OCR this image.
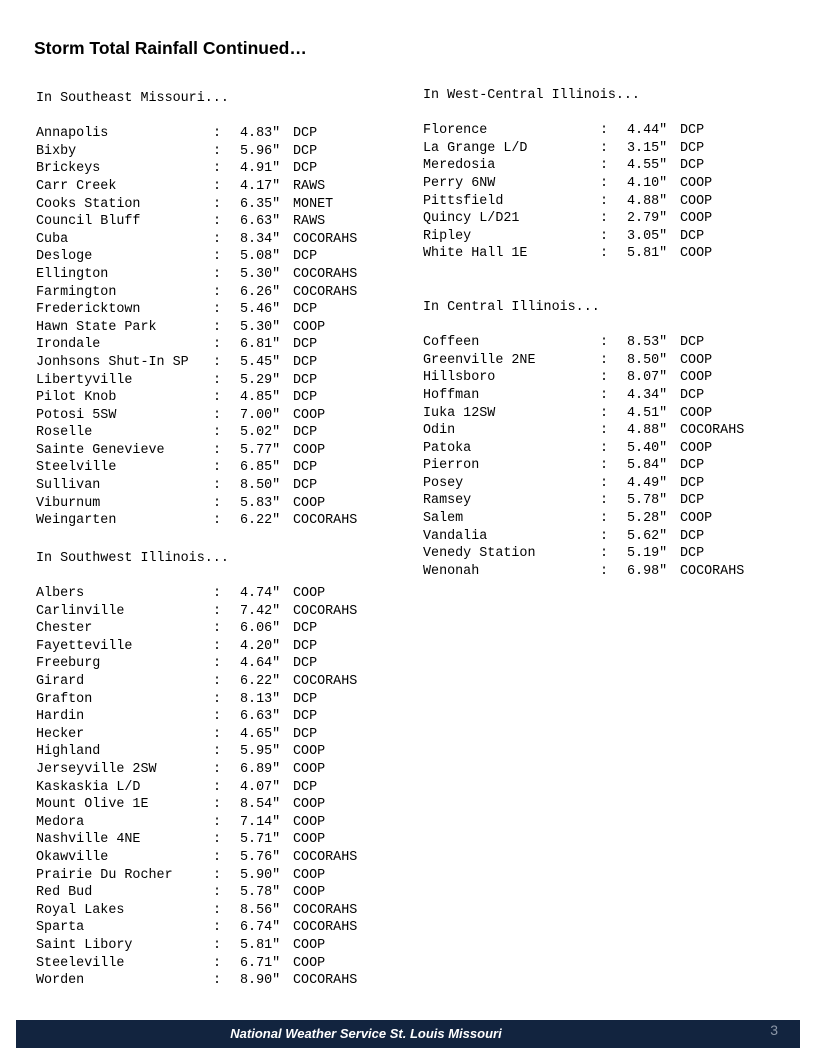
Storm Total Rainfall Continued…
In Southeast Missouri...
Annapolis	:	4.83" DCP
Bixby	:	5.96" DCP
Brickeys	:	4.91" DCP
Carr Creek	:	4.17" RAWS
Cooks Station	:	6.35" MONET
Council Bluff	:	6.63" RAWS
Cuba	:	8.34" COCORAHS
Desloge	:	5.08" DCP
Ellington	:	5.30" COCORAHS
Farmington	:	6.26" COCORAHS
Fredericktown	:	5.46" DCP
Hawn State Park	:	5.30" COOP
Irondale	:	6.81" DCP
Jonhsons Shut-In SP	:	5.45" DCP
Libertyville	:	5.29" DCP
Pilot Knob	:	4.85" DCP
Potosi 5SW	:	7.00" COOP
Roselle	:	5.02" DCP
Sainte Genevieve	:	5.77" COOP
Steelville	:	6.85" DCP
Sullivan	:	8.50" DCP
Viburnum	:	5.83" COOP
Weingarten	:	6.22" COCORAHS
In Southwest Illinois...
Albers	:	4.74" COOP
Carlinville	:	7.42" COCORAHS
Chester	:	6.06" DCP
Fayetteville	:	4.20" DCP
Freeburg	:	4.64" DCP
Girard	:	6.22" COCORAHS
Grafton	:	8.13" DCP
Hardin	:	6.63" DCP
Hecker	:	4.65" DCP
Highland	:	5.95" COOP
Jerseyville 2SW	:	6.89" COOP
Kaskaskia L/D	:	4.07" DCP
Mount Olive 1E	:	8.54" COOP
Medora	:	7.14" COOP
Nashville 4NE	:	5.71" COOP
Okawville	:	5.76" COCORAHS
Prairie Du Rocher	:	5.90" COOP
Red Bud	:	5.78" COOP
Royal Lakes	:	8.56" COCORAHS
Sparta	:	6.74" COCORAHS
Saint Libory	:	5.81" COOP
Steeleville	:	6.71" COOP
Worden	:	8.90" COCORAHS
In West-Central Illinois...
Florence	:	4.44" DCP
La Grange L/D	:	3.15" DCP
Meredosia	:	4.55" DCP
Perry 6NW	:	4.10" COOP
Pittsfield	:	4.88" COOP
Quincy L/D21	:	2.79" COOP
Ripley	:	3.05" DCP
White Hall 1E	:	5.81" COOP
In Central Illinois...
Coffeen	:	8.53" DCP
Greenville 2NE	:	8.50" COOP
Hillsboro	:	8.07" COOP
Hoffman	:	4.34" DCP
Iuka 12SW	:	4.51" COOP
Odin	:	4.88" COCORAHS
Patoka	:	5.40" COOP
Pierron	:	5.84" DCP
Posey	:	4.49" DCP
Ramsey	:	5.78" DCP
Salem	:	5.28" COOP
Vandalia	:	5.62" DCP
Venedy Station	:	5.19" DCP
Wenonah	:	6.98" COCORAHS
National Weather Service St. Louis Missouri	3
